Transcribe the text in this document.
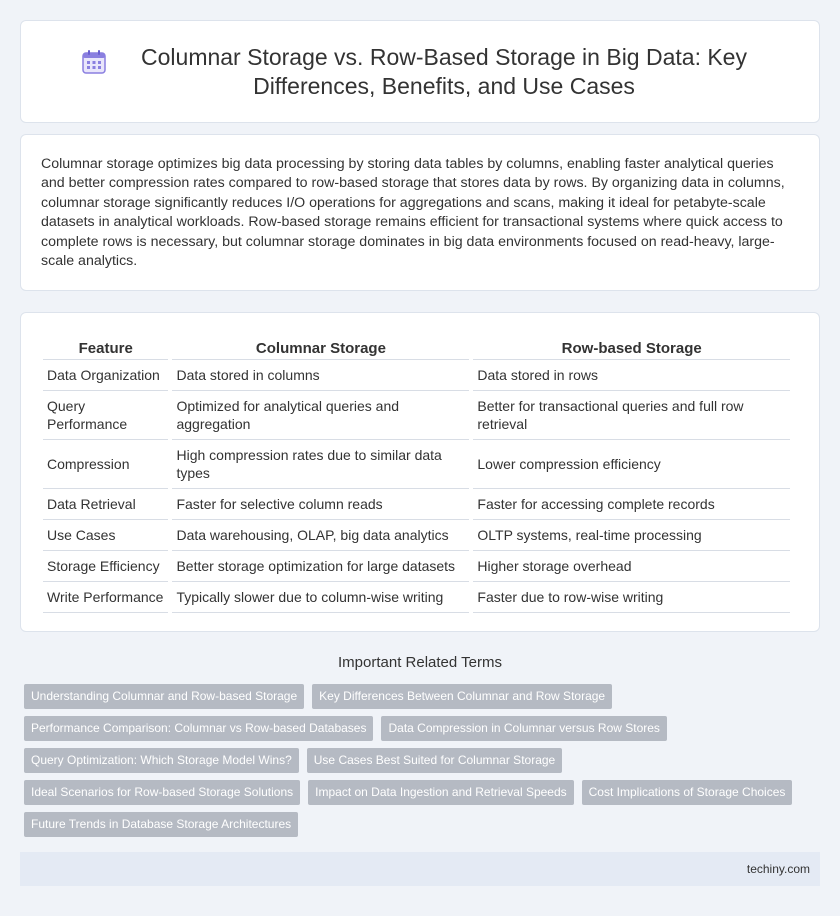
Columnar Storage vs. Row-Based Storage in Big Data: Key Differences, Benefits, and Use Cases

Columnar storage optimizes big data processing by storing data tables by columns, enabling faster analytical queries and better compression rates compared to row-based storage that stores data by rows. By organizing data in columns, columnar storage significantly reduces I/O operations for aggregations and scans, making it ideal for petabyte-scale datasets in analytical workloads. Row-based storage remains efficient for transactional systems where quick access to complete rows is necessary, but columnar storage dominates in big data environments focused on read-heavy, large-scale analytics.

Feature	Columnar Storage	Row-based Storage
Data Organization	Data stored in columns	Data stored in rows
Query Performance	Optimized for analytical queries and aggregation	Better for transactional queries and full row retrieval
Compression	High compression rates due to similar data types	Lower compression efficiency
Data Retrieval	Faster for selective column reads	Faster for accessing complete records
Use Cases	Data warehousing, OLAP, big data analytics	OLTP systems, real-time processing
Storage Efficiency	Better storage optimization for large datasets	Higher storage overhead
Write Performance	Typically slower due to column-wise writing	Faster due to row-wise writing
Important Related Terms
Understanding Columnar and Row-based Storage	Key Differences Between Columnar and Row Storage
Performance Comparison: Columnar vs Row-based Databases	Data Compression in Columnar versus Row Stores
Query Optimization: Which Storage Model Wins?	Use Cases Best Suited for Columnar Storage
Ideal Scenarios for Row-based Storage Solutions	Impact on Data Ingestion and Retrieval Speeds	Cost Implications of Storage Choices
Future Trends in Database Storage Architectures
techiny.com
